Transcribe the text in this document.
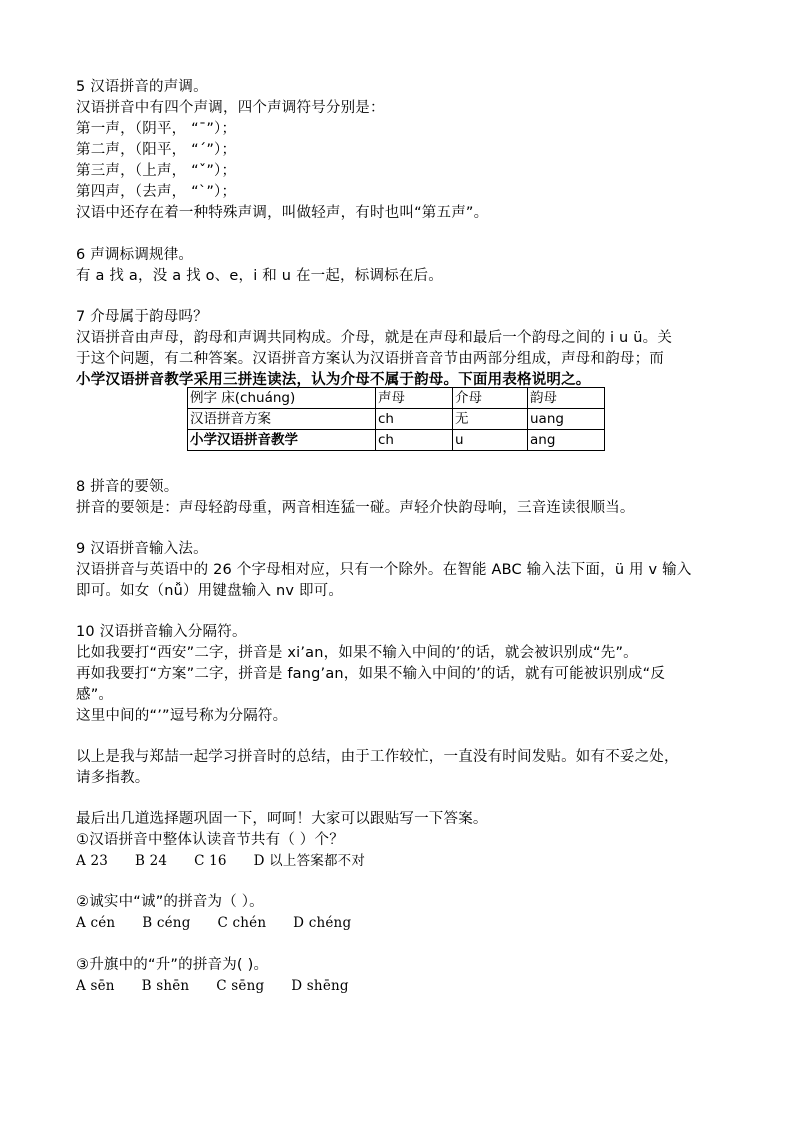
5 汉语拼音的声调。
汉语拼音中有四个声调，四个声调符号分别是：
第一声，（阴平， “ˉ”）；
第二声，（阳平， “ˊ”）；
第三声，（上声， “ˇ”）；
第四声，（去声， “ˋ”）；
汉语中还存在着一种特殊声调，叫做轻声，有时也叫“第五声”。
6 声调标调规律。
有 a 找 a，没 a 找 o、e，i 和 u 在一起，标调标在后。
7 介母属于韵母吗？
汉语拼音由声母，韵母和声调共同构成。介母，就是在声母和最后一个韵母之间的 i u ü。关
于这个问题，有二种答案。汉语拼音方案认为汉语拼音音节由两部分组成，声母和韵母；而
小学汉语拼音教学采用三拼连读法，认为介母不属于韵母。下面用表格说明之。
例字 床(chuáng)	声母	介母	韵母
汉语拼音方案	ch	无	uang
小学汉语拼音教学	ch	u	ang
8 拼音的要领。
拼音的要领是：声母轻韵母重，两音相连猛一碰。声轻介快韵母响，三音连读很顺当。
9 汉语拼音输入法。
汉语拼音与英语中的 26 个字母相对应，只有一个除外。在智能 ABC 输入法下面，ü 用 v 输入
即可。如女（nǚ）用键盘输入 nv 即可。
10 汉语拼音输入分隔符。
比如我要打“西安”二字，拼音是 xi’an，如果不输入中间的’的话，就会被识别成“先”。
再如我要打“方案”二字，拼音是 fang’an，如果不输入中间的’的话，就有可能被识别成“反
感”。
这里中间的“’”逗号称为分隔符。
以上是我与郑喆一起学习拼音时的总结，由于工作较忙，一直没有时间发贴。如有不妥之处，
请多指教。
最后出几道选择题巩固一下，呵呵！大家可以跟贴写一下答案。
①汉语拼音中整体认读音节共有（ ）个？
A 23      B 24      C 16      D 以上答案都不对
②诚实中“诚”的拼音为（ ）。
A cén      B céng      C chén      D chéng
③升旗中的“升”的拼音为( )。
A sēn      B shēn      C sēng      D shēng
